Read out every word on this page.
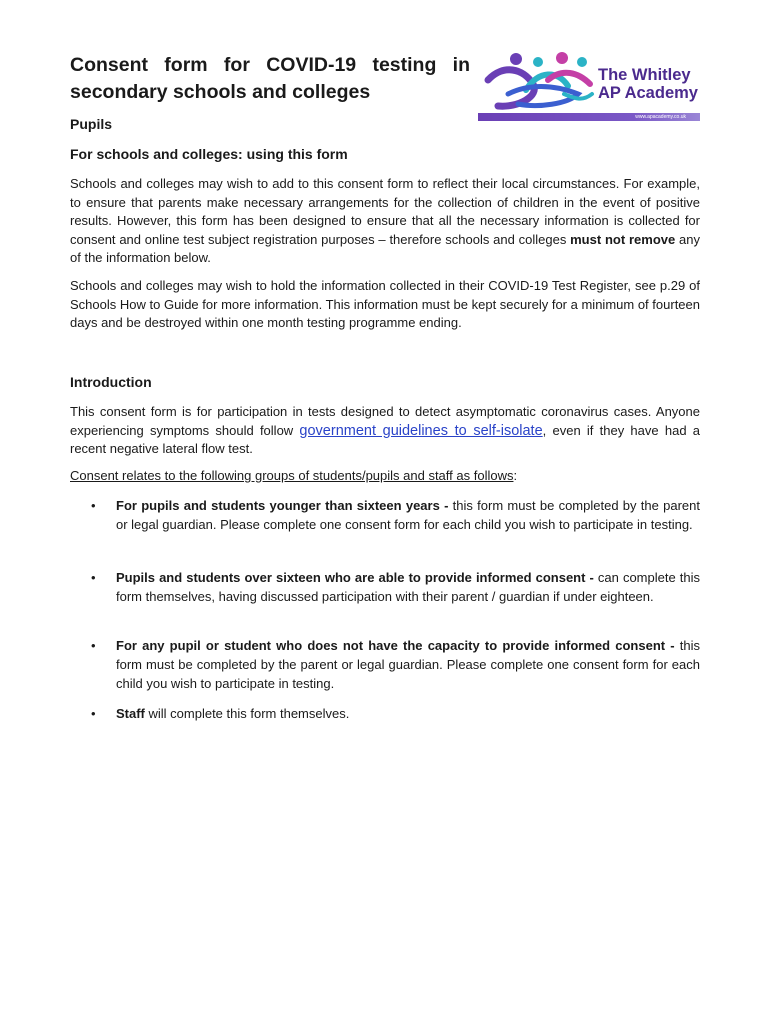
Consent form for COVID-19 testing in secondary schools and colleges
The Whitley
AP Academy
www.apacademy.co.uk
Pupils
For schools and colleges: using this form
Schools and colleges may wish to add to this consent form to reflect their local circumstances. For example, to ensure that parents make necessary arrangements for the collection of children in the event of positive results. However, this form has been designed to ensure that all the necessary information is collected for consent and online test subject registration purposes – therefore schools and colleges must not remove any of the information below.
Schools and colleges may wish to hold the information collected in their COVID-19 Test Register, see p.29 of Schools How to Guide for more information. This information must be kept securely for a minimum of fourteen days and be destroyed within one month testing programme ending.
Introduction
This consent form is for participation in tests designed to detect asymptomatic coronavirus cases. Anyone experiencing symptoms should follow government guidelines to self-isolate, even if they have had a recent negative lateral flow test.
Consent relates to the following groups of students/pupils and staff as follows:
• For pupils and students younger than sixteen years - this form must be completed by the parent or legal guardian. Please complete one consent form for each child you wish to participate in testing.
• Pupils and students over sixteen who are able to provide informed consent - can complete this form themselves, having discussed participation with their parent / guardian if under eighteen.
• For any pupil or student who does not have the capacity to provide informed consent - this form must be completed by the parent or legal guardian. Please complete one consent form for each child you wish to participate in testing.
• Staff will complete this form themselves.
